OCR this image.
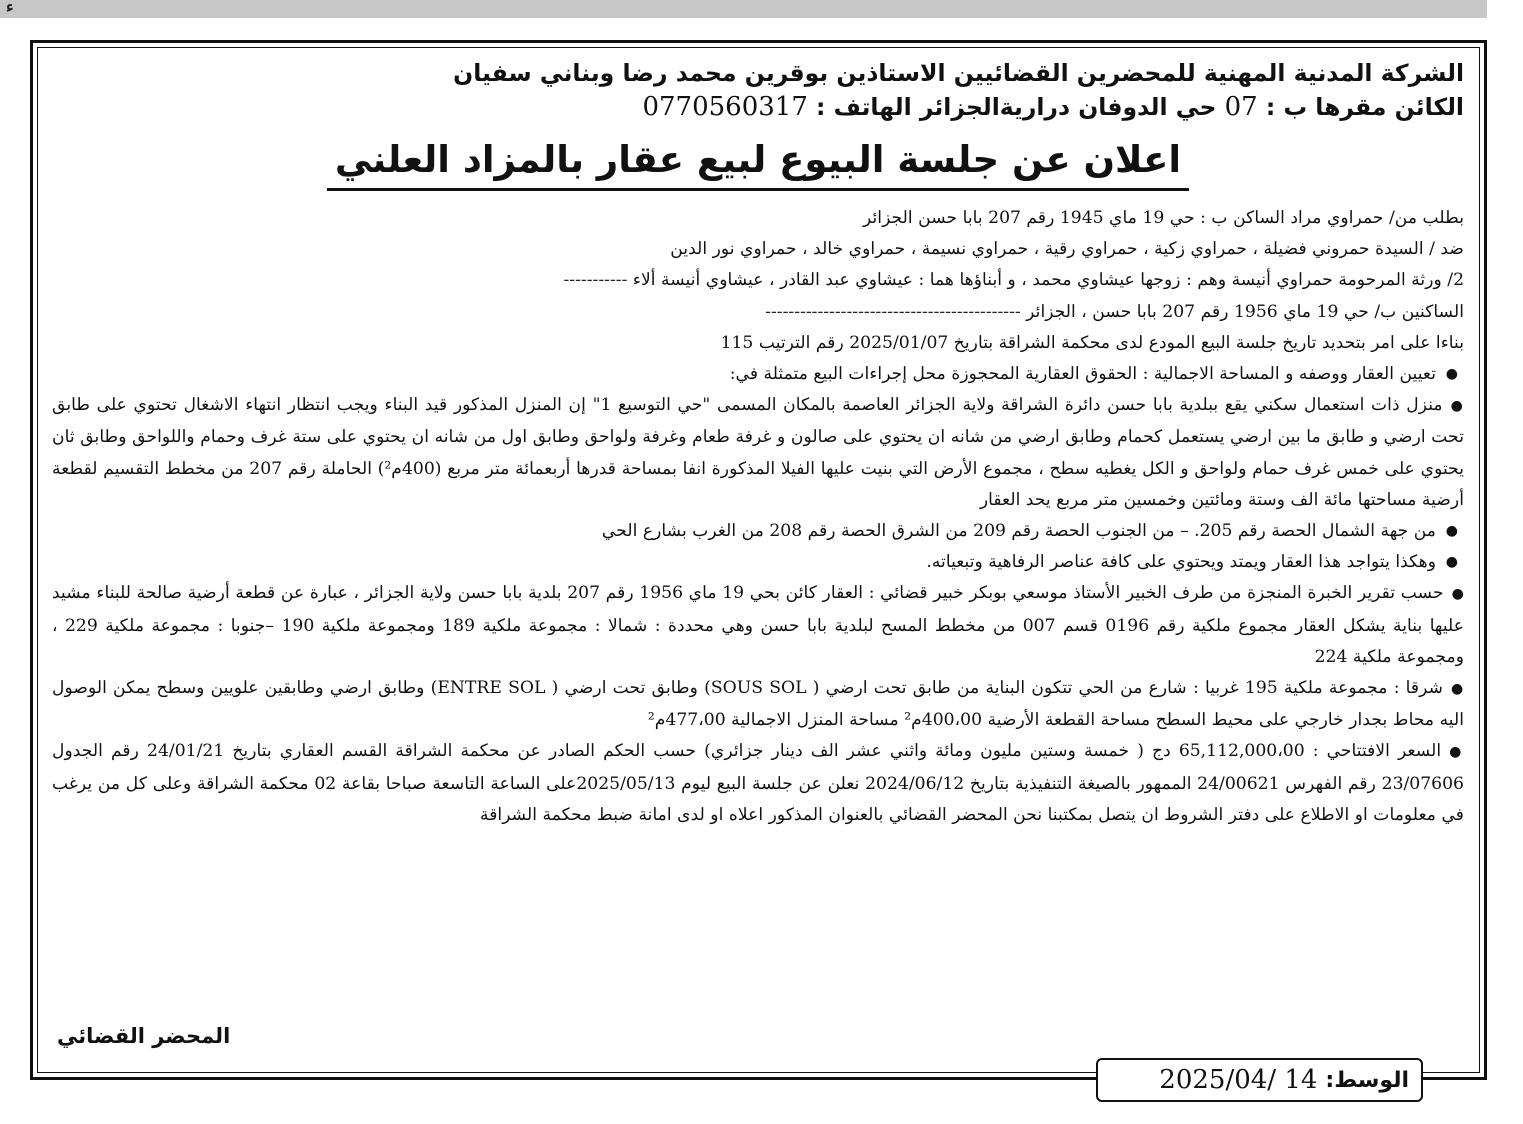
ء

الشركة المدنية المهنية للمحضرين القضائيين الاستاذين بوقرين محمد رضا وبناني سفيان

الكائن مقرها ب : 07 حي الدوفان دراريةالجزائر الهاتف : 0770560317

اعلان عن جلسة البيوع لبيع عقار بالمزاد العلني

بطلب من/ حمراوي مراد الساكن ب : حي 19 ماي 1945 رقم 207 بابا حسن الجزائر

ضد / السيدة حمروني فضيلة ، حمراوي زكية ، حمراوي رقية ، حمراوي نسيمة ، حمراوي خالد ، حمراوي نور الدين

2/ ورثة المرحومة حمراوي أنيسة وهم : زوجها عيشاوي محمد ، و أبناؤها هما : عيشاوي عبد القادر ، عيشاوي أنيسة ألاء -----------

الساكنين ب/ حي 19 ماي 1956 رقم 207 بابا حسن ، الجزائر --------------------------------------------

بناءا على امر بتحديد تاريخ جلسة البيع المودع لدى محكمة الشراقة بتاريخ 2025/01/07 رقم الترتيب 115

●
تعيين العقار ووصفه و المساحة الاجمالية : الحقوق العقارية المحجوزة محل إجراءات البيع متمثلة في:
●منزل ذات استعمال سكني يقع ببلدية بابا حسن دائرة الشراقة ولاية الجزائر العاصمة بالمكان المسمى "حي التوسيع 1" إن المنزل المذكور قيد البناء ويجب انتظار انتهاء الاشغال تحتوي على طابق تحت ارضي و طابق ما بين ارضي يستعمل كحمام وطابق ارضي من شانه ان يحتوي على صالون و غرفة طعام وغرفة ولواحق وطابق اول من شانه ان يحتوي على ستة غرف وحمام واللواحق وطابق ثان يحتوي على خمس غرف حمام ولواحق و الكل يغطيه سطح ، مجموع الأرض التي بنيت عليها الفيلا المذكورة انفا بمساحة قدرها أربعمائة متر مربع (400م²) الحاملة رقم 207 من مخطط التقسيم لقطعة أرضية مساحتها مائة الف وستة ومائتين وخمسين متر مربع يحد العقار
●
من جهة الشمال الحصة رقم 205. – من الجنوب الحصة رقم 209 من الشرق الحصة رقم 208 من الغرب بشارع الحي
●
وهكذا يتواجد هذا العقار ويمتد ويحتوي على كافة عناصر الرفاهية وتبعياته.
●حسب تقرير الخبرة المنجزة من طرف الخبير الأستاذ موسعي بوبكر خبير قضائي : العقار كائن بحي 19 ماي 1956 رقم 207 بلدية بابا حسن ولاية الجزائر ، عبارة عن قطعة أرضية صالحة للبناء مشيد عليها بناية يشكل العقار مجموع ملكية رقم 0196 قسم 007 من مخطط المسح لبلدية بابا حسن وهي محددة : شمالا : مجموعة ملكية 189 ومجموعة ملكية 190 –جنوبا : مجموعة ملكية 229 ، ومجموعة ملكية 224
●شرقا : مجموعة ملكية 195 غربيا : شارع من الحي تتكون البناية من طابق تحت ارضي ( SOUS SOL) وطابق تحت ارضي ( ENTRE SOL) وطابق ارضي وطابقين علويين وسطح يمكن الوصول اليه محاط بجدار خارجي على محيط السطح مساحة القطعة الأرضية 400،00م² مساحة المنزل الاجمالية 477،00م²
●السعر الافتتاحي : 65,112,000،00 دج ( خمسة وستين مليون ومائة واثني عشر الف دينار جزائري) حسب الحكم الصادر عن محكمة الشراقة القسم العقاري بتاريخ 24/01/21 رقم الجدول 23/07606 رقم الفهرس 24/00621 الممهور بالصيغة التنفيذية بتاريخ 2024/06/12 نعلن عن جلسة البيع ليوم 2025/05/13على الساعة التاسعة صباحا بقاعة 02 محكمة الشراقة وعلى كل من يرغب في معلومات او الاطلاع على دفتر الشروط ان يتصل بمكتبنا نحن المحضر القضائي بالعنوان المذكور اعلاه او لدى امانة ضبط محكمة الشراقة
المحضر القضائي
الوسط:
2025/04/ 14
